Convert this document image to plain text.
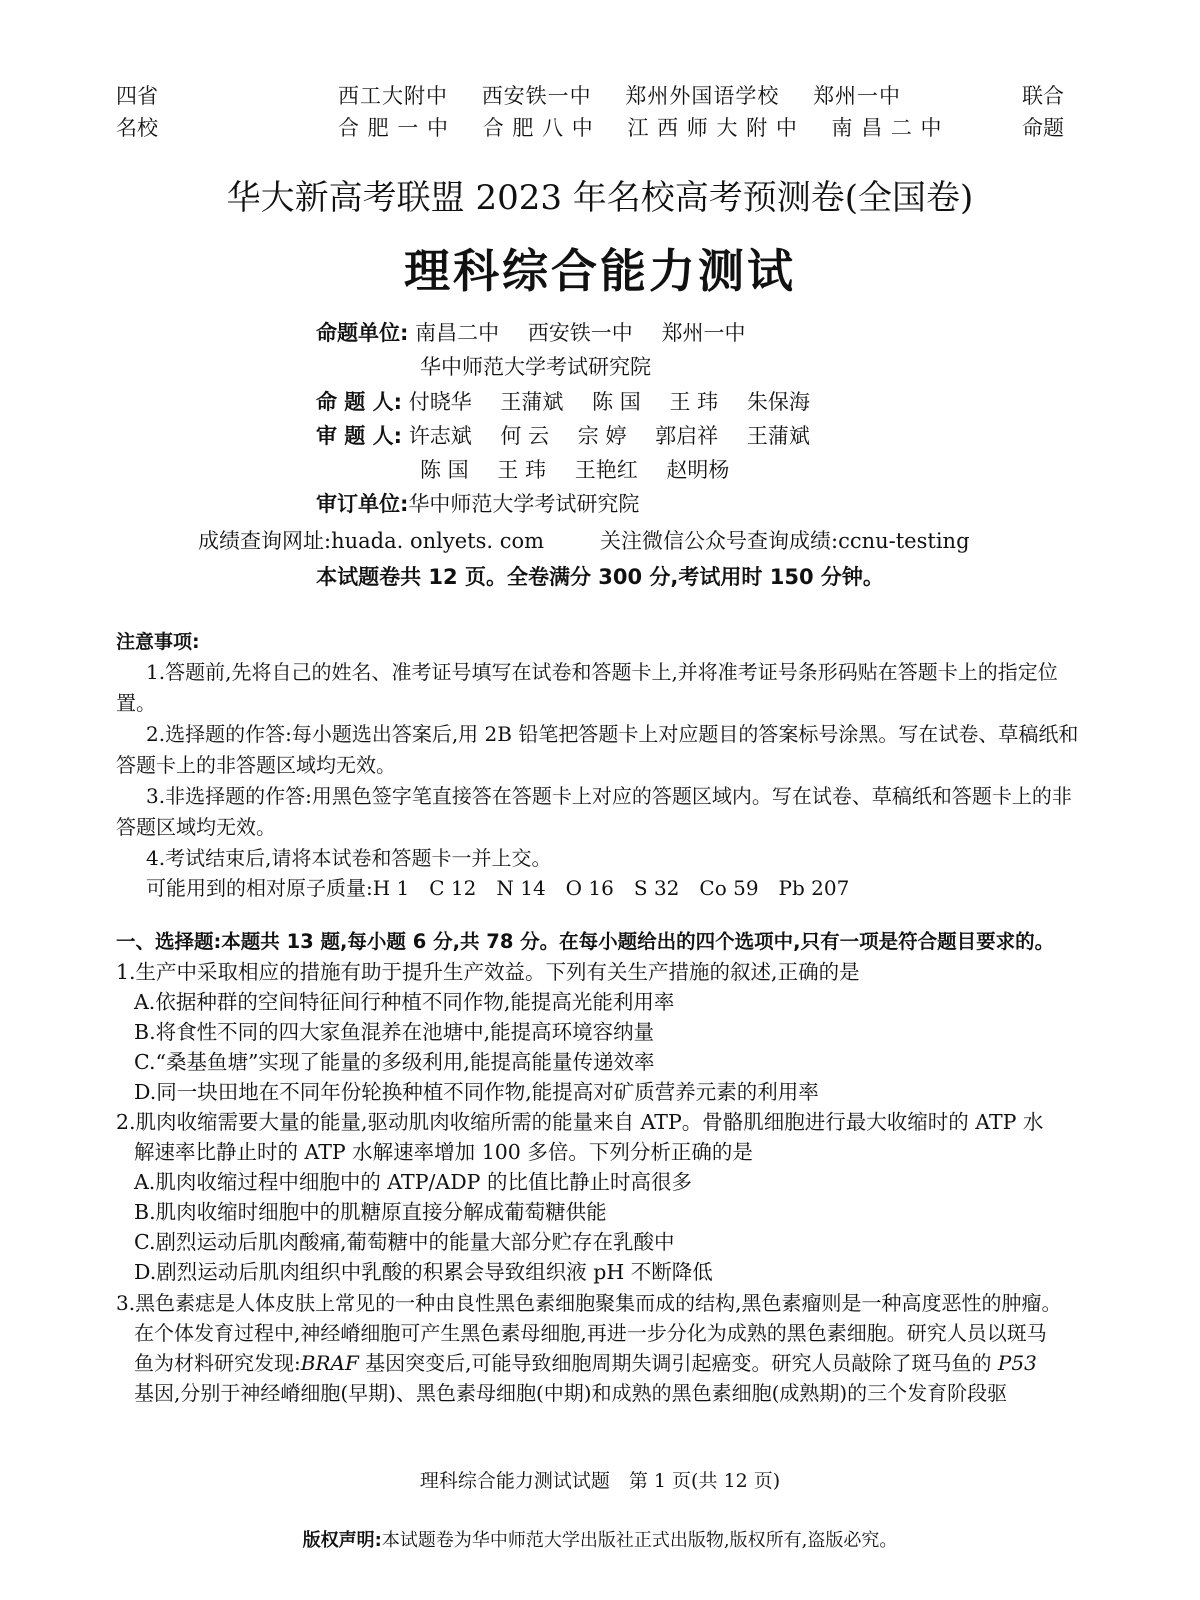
四省
名校
联合
命题
西工大附中 西安铁一中 郑州外国语学校 郑州一中
合 肥 一 中 合 肥 八 中 江 西 师 大 附 中 南 昌 二 中
华大新高考联盟 2023 年名校高考预测卷(全国卷)
理科综合能力测试
命题单位: 南昌二中 西安铁一中 郑州一中
华中师范大学考试研究院
命 题 人: 付晓华 王蒲斌 陈 国 王 玮 朱保海
审 题 人: 许志斌 何 云 宗 婷 郭启祥 王蒲斌
陈 国 王 玮 王艳红 赵明杨
审订单位:华中师范大学考试研究院
成绩查询网址:huada. onlyets. com	关注微信公众号查询成绩:ccnu-testing
本试题卷共 12 页。全卷满分 300 分,考试用时 150 分钟。
注意事项:
1.答题前,先将自己的姓名、准考证号填写在试卷和答题卡上,并将准考证号条形码贴在答题卡上的指定位置。
2.选择题的作答:每小题选出答案后,用 2B 铅笔把答题卡上对应题目的答案标号涂黑。写在试卷、草稿纸和答题卡上的非答题区域均无效。
3.非选择题的作答:用黑色签字笔直接答在答题卡上对应的答题区域内。写在试卷、草稿纸和答题卡上的非答题区域均无效。
4.考试结束后,请将本试卷和答题卡一并上交。
可能用到的相对原子质量:H 1　C 12　N 14　O 16　S 32　Co 59　Pb 207
一、选择题:本题共 13 题,每小题 6 分,共 78 分。在每小题给出的四个选项中,只有一项是符合题目要求的。
1.生产中采取相应的措施有助于提升生产效益。下列有关生产措施的叙述,正确的是
A.依据种群的空间特征间行种植不同作物,能提高光能利用率
B.将食性不同的四大家鱼混养在池塘中,能提高环境容纳量
C.“桑基鱼塘”实现了能量的多级利用,能提高能量传递效率
D.同一块田地在不同年份轮换种植不同作物,能提高对矿质营养元素的利用率
2.肌肉收缩需要大量的能量,驱动肌肉收缩所需的能量来自 ATP。骨骼肌细胞进行最大收缩时的 ATP 水
解速率比静止时的 ATP 水解速率增加 100 多倍。下列分析正确的是
A.肌肉收缩过程中细胞中的 ATP/ADP 的比值比静止时高很多
B.肌肉收缩时细胞中的肌糖原直接分解成葡萄糖供能
C.剧烈运动后肌肉酸痛,葡萄糖中的能量大部分贮存在乳酸中
D.剧烈运动后肌肉组织中乳酸的积累会导致组织液 pH 不断降低
3.黑色素痣是人体皮肤上常见的一种由良性黑色素细胞聚集而成的结构,黑色素瘤则是一种高度恶性的肿瘤。
在个体发育过程中,神经嵴细胞可产生黑色素母细胞,再进一步分化为成熟的黑色素细胞。研究人员以斑马
鱼为材料研究发现:BRAF 基因突变后,可能导致细胞周期失调引起癌变。研究人员敲除了斑马鱼的 P53
基因,分别于神经嵴细胞(早期)、黑色素母细胞(中期)和成熟的黑色素细胞(成熟期)的三个发育阶段驱
理科综合能力测试试题　第 1 页(共 12 页)
版权声明:本试题卷为华中师范大学出版社正式出版物,版权所有,盗版必究。
